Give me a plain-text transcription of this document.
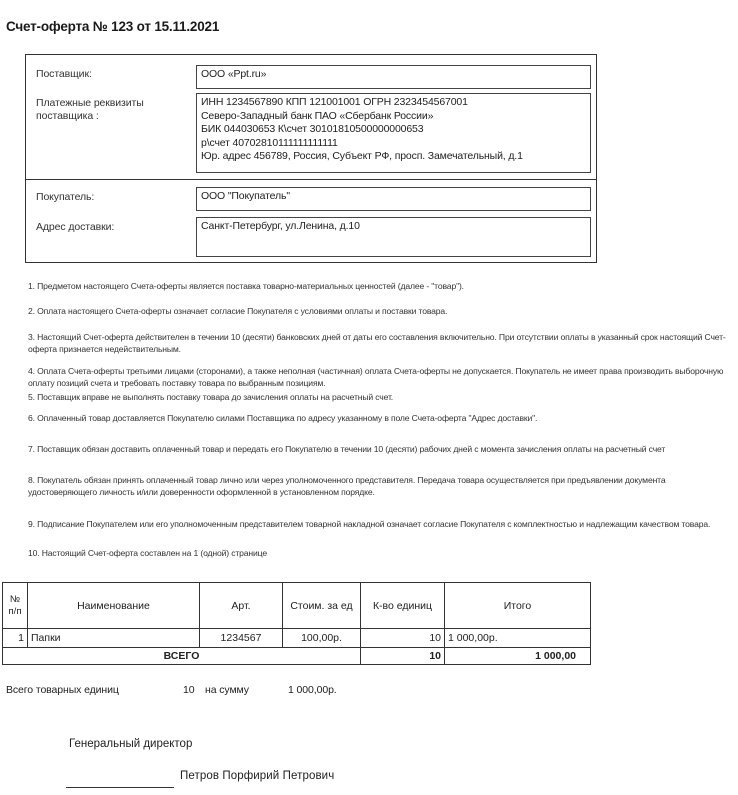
Счет-оферта № 123 от 15.11.2021
Поставщик:	ООО «Ppt.ru»
Платежные реквизиты поставщика :
ИНН 1234567890 КПП 121001001 ОГРН 2323454567001
Северо-Западный банк ПАО «Сбербанк России»
БИК 044030653 К\счет 30101810500000000653
р\счет 40702810111111111111
Юр. адрес 456789, Россия, Субъект РФ, просп. Замечательный, д.1
Покупатель:	ООО "Покупатель"
Адрес доставки:	Санкт-Петербург, ул.Ленина, д.10
1. Предметом настоящего Счета-оферты является поставка товарно-материальных ценностей (далее - "товар").
2. Оплата настоящего Счета-оферты означает согласие Покупателя с условиями оплаты и поставки товара.
3. Настоящий Счет-оферта действителен в течении 10 (десяти) банковских дней от даты его составления включительно. При отсутствии оплаты в указанный срок настоящий Счет-оферта признается недействительным.
4. Оплата Счета-оферты третьими лицами (сторонами), а также неполная (частичная) оплата Счета-оферты не допускается. Покупатель не имеет права производить выборочную оплату позиций счета и требовать поставку товара по выбранным позициям.
5. Поставщик вправе не выполнять поставку товара до зачисления оплаты на расчетный счет.
6. Оплаченный товар доставляется Покупателю силами Поставщика по адресу указанному в поле Счета-оферта "Адрес доставки".
7. Поставщик обязан доставить оплаченный товар и передать его Покупателю в течении 10 (десяти) рабочих дней с момента зачисления оплаты на расчетный счет
8. Покупатель обязан принять оплаченный товар лично или через уполномоченного представителя. Передача товара осуществляется при предъявлении документа удостоверяющего личность и/или доверенности оформленной в установленном порядке.
9. Подписание Покупателем или его уполномоченным представителем товарной накладной означает согласие Покупателя с комплектностью и надлежащим качеством товара.
10. Настоящий Счет-оферта составлен на 1 (одной) странице
№ п/п	Наименование	Арт.	Стоим. за ед	К-во единиц	Итого
1	Папки	1234567	100,00р.	10	1 000,00р.
ВСЕГО				10	1 000,00
Всего товарных единиц	10 на сумму	1 000,00р.
Генеральный директор
Петров Порфирий Петрович
